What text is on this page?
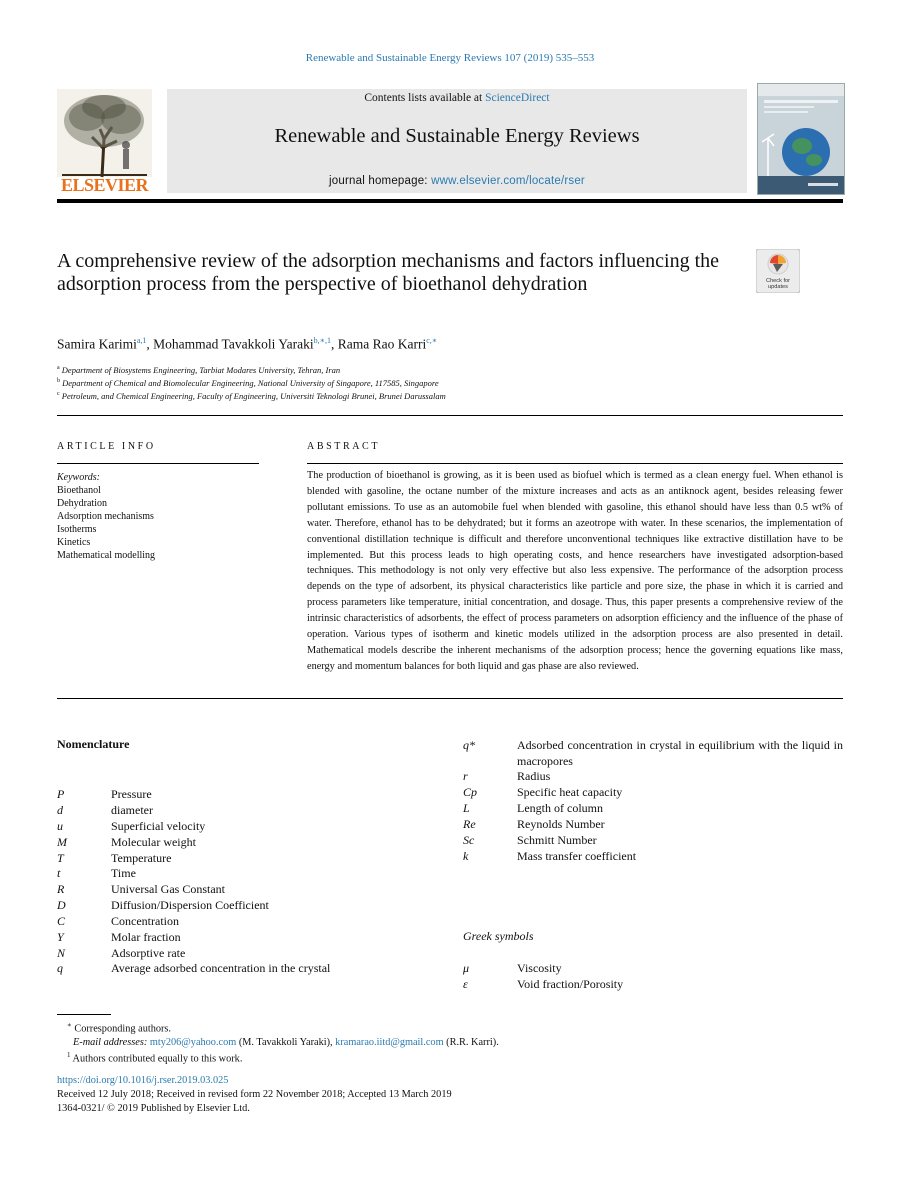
Renewable and Sustainable Energy Reviews 107 (2019) 535–553
ELSEVIER
Contents lists available at ScienceDirect
Renewable and Sustainable Energy Reviews
journal homepage: www.elsevier.com/locate/rser
A comprehensive review of the adsorption mechanisms and factors influencing the adsorption process from the perspective of bioethanol dehydration	Check for updates
Samira Karimi$^{a,1}$, Mohammad Tavakkoli Yaraki$^{b,∗,1}$, Rama Rao Karri$^{c,∗}$
$^a$ Department of Biosystems Engineering, Tarbiat Modares University, Tehran, Iran
$^b$ Department of Chemical and Biomolecular Engineering, National University of Singapore, 117585, Singapore
$^c$ Petroleum, and Chemical Engineering, Faculty of Engineering, Universiti Teknologi Brunei, Brunei Darussalam
ARTICLE INFO	ABSTRACT
Keywords:
Bioethanol
Dehydration
Adsorption mechanisms
Isotherms
Kinetics
Mathematical modelling
The production of bioethanol is growing, as it is been used as biofuel which is termed as a clean energy fuel. When ethanol is blended with gasoline, the octane number of the mixture increases and acts as an antiknock agent, besides releasing fewer pollutant emissions. To use as an automobile fuel when blended with gasoline, this ethanol should have less than 0.5 wt% of water. Therefore, ethanol has to be dehydrated; but it forms an azeotrope with water. In these scenarios, the implementation of conventional distillation technique is difficult and therefore unconventional techniques like extractive distillation have to be implemented. But this process leads to high operating costs, and hence researchers have investigated adsorption-based techniques. This methodology is not only very effective but also less expensive. The performance of the adsorption process depends on the type of adsorbent, its physical characteristics like particle and pore size, the phase in which it is carried and process parameters like temperature, initial concentration, and dosage. Thus, this paper presents a comprehensive review of the intrinsic characteristics of adsorbents, the effect of process parameters on adsorption efficiency and the influence of the phase of operation. Various types of isotherm and kinetic models utilized in the adsorption process are also presented in detail. Mathematical models describe the inherent mechanisms of the adsorption process; hence the governing equations like mass, energy and momentum balances for both liquid and gas phase are also reviewed.
Nomenclature
P	Pressure
d	diameter
u	Superficial velocity
M	Molecular weight
T	Temperature
t	Time
R	Universal Gas Constant
D	Diffusion/Dispersion Coefficient
C	Concentration
Y	Molar fraction
N	Adsorptive rate
q	Average adsorbed concentration in the crystal
q*	Adsorbed concentration in crystal in equilibrium with the liquid in macropores
r	Radius
Cp	Specific heat capacity
L	Length of column
Re	Reynolds Number
Sc	Schmitt Number
k	Mass transfer coefficient
Greek symbols
μ	Viscosity
ε	Void fraction/Porosity
∗ Corresponding authors.
E-mail addresses: mty206@yahoo.com (M. Tavakkoli Yaraki), kramarao.iitd@gmail.com (R.R. Karri).
$^1$ Authors contributed equally to this work.
https://doi.org/10.1016/j.rser.2019.03.025
Received 12 July 2018; Received in revised form 22 November 2018; Accepted 13 March 2019
1364-0321/ © 2019 Published by Elsevier Ltd.
